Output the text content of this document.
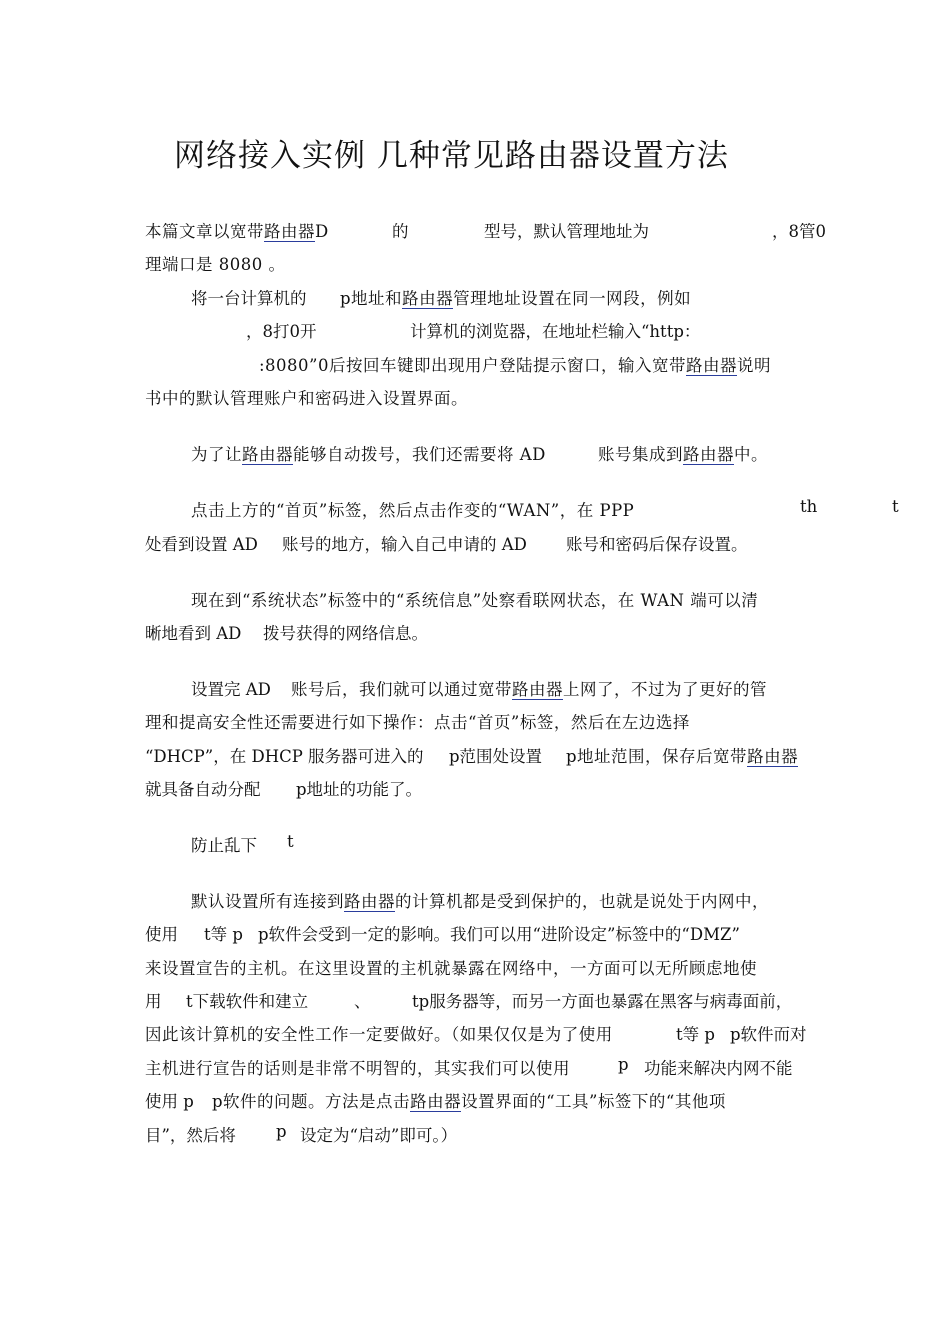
网络接入实例 几种常见路由器设置方法
本篇文章以宽带路由器D	的	型号，默认管理地址为	，8管0
理端口是 8080 。
将一台计算机的 p地址和路由器管理地址设置在同一网段，例如
，8打0开	计算机的浏览器，在地址栏输入“http：
:8080”0后按回车键即出现用户登陆提示窗口，输入宽带路由器说明
书中的默认管理账户和密码进入设置界面。
为了让路由器能够自动拨号，我们还需要将 AD	账号集成到路由器中。
点击上方的“首页”标签，然后点击作变的“WAN”，在 PPP	th	t
处看到设置 AD 账号的地方，输入自己申请的 AD 账号和密码后保存设置。
现在到“系统状态”标签中的“系统信息”处察看联网状态，在 WAN 端可以清
晰地看到 AD 拨号获得的网络信息。
设置完 AD 账号后，我们就可以通过宽带路由器上网了，不过为了更好的管
理和提高安全性还需要进行如下操作：点击“首页”标签，然后在左边选择
“DHCP”，在 DHCP 服务器可进入的 p范围处设置 p地址范围，保存后宽带路由器
就具备自动分配 p地址的功能了。
防止乱下 t
默认设置所有连接到路由器的计算机都是受到保护的，也就是说处于内网中，
使用 t等 p p软件会受到一定的影响。我们可以用“进阶设定”标签中的“DMZ”
来设置宣告的主机。在这里设置的主机就暴露在网络中，一方面可以无所顾虑地使
用 t下载软件和建立	、	tp服务器等，而另一方面也暴露在黑客与病毒面前，
因此该计算机的安全性工作一定要做好。（如果仅仅是为了使用	t等 p p软件而对
主机进行宣告的话则是非常不明智的，其实我们可以使用	p 功能来解决内网不能
使用 p p软件的问题。方法是点击路由器设置界面的“工具”标签下的“其他项
目”，然后将 p 设定为“启动”即可。）
